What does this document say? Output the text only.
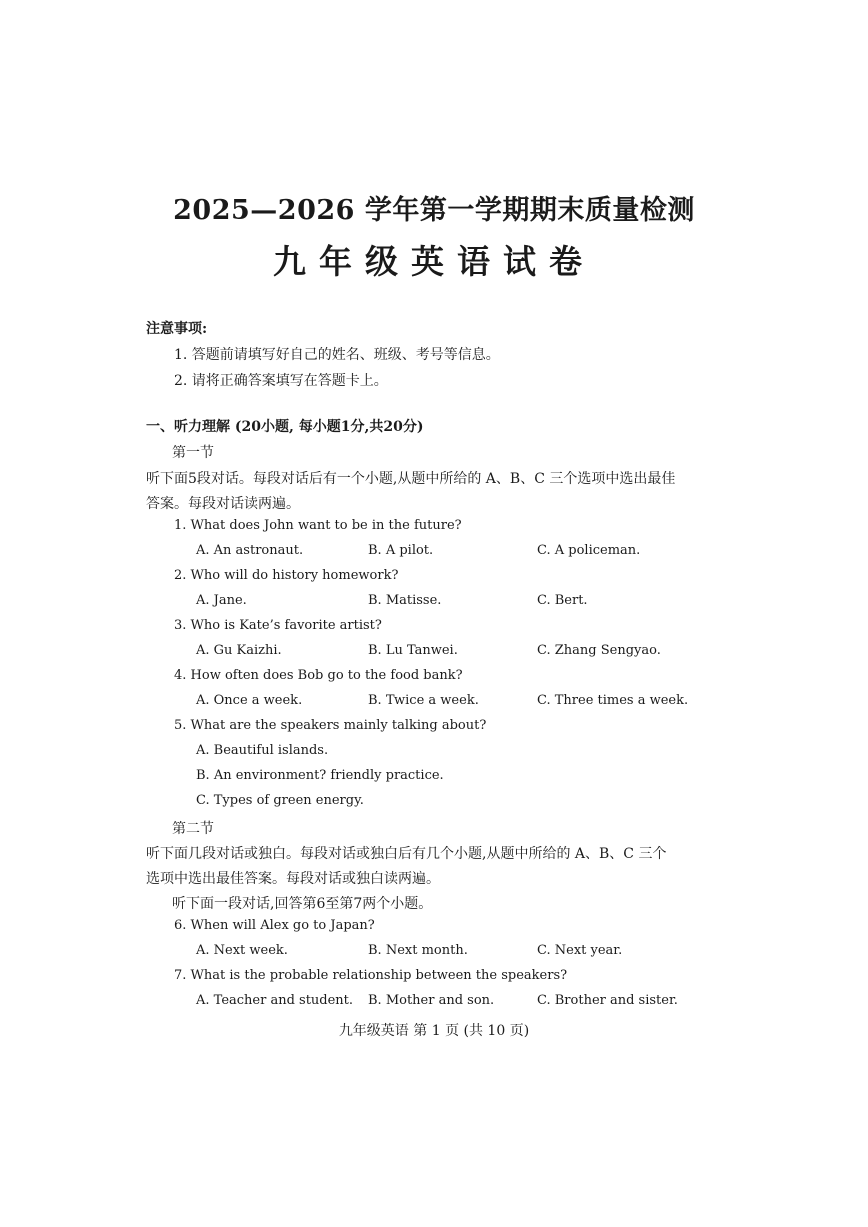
2025—2026 学年第一学期期末质量检测
九年级英语试卷
注意事项:
1. 答题前请填写好自己的姓名、班级、考号等信息。
2. 请将正确答案填写在答题卡上。
一、听力理解 (20小题, 每小题1分,共20分)
第一节
听下面5段对话。每段对话后有一个小题,从题中所给的 A、B、C 三个选项中选出最佳
答案。每段对话读两遍。
1. What does John want to be in the future?
A. An astronaut.	B. A pilot.	C. A policeman.
2. Who will do history homework?
A. Jane.	B. Matisse.	C. Bert.
3. Who is Kate’s favorite artist?
A. Gu Kaizhi.	B. Lu Tanwei.	C. Zhang Sengyao.
4. How often does Bob go to the food bank?
A. Once a week.	B. Twice a week.	C. Three times a week.
5. What are the speakers mainly talking about?
A. Beautiful islands.
B. An environment? friendly practice.
C. Types of green energy.
第二节
听下面几段对话或独白。每段对话或独白后有几个小题,从题中所给的 A、B、C 三个
选项中选出最佳答案。每段对话或独白读两遍。
听下面一段对话,回答第6至第7两个小题。
6. When will Alex go to Japan?
A. Next week.	B. Next month.	C. Next year.
7. What is the probable relationship between the speakers?
A. Teacher and student. B. Mother and son.	C. Brother and sister.
九年级英语 第 1 页 (共 10 页)
